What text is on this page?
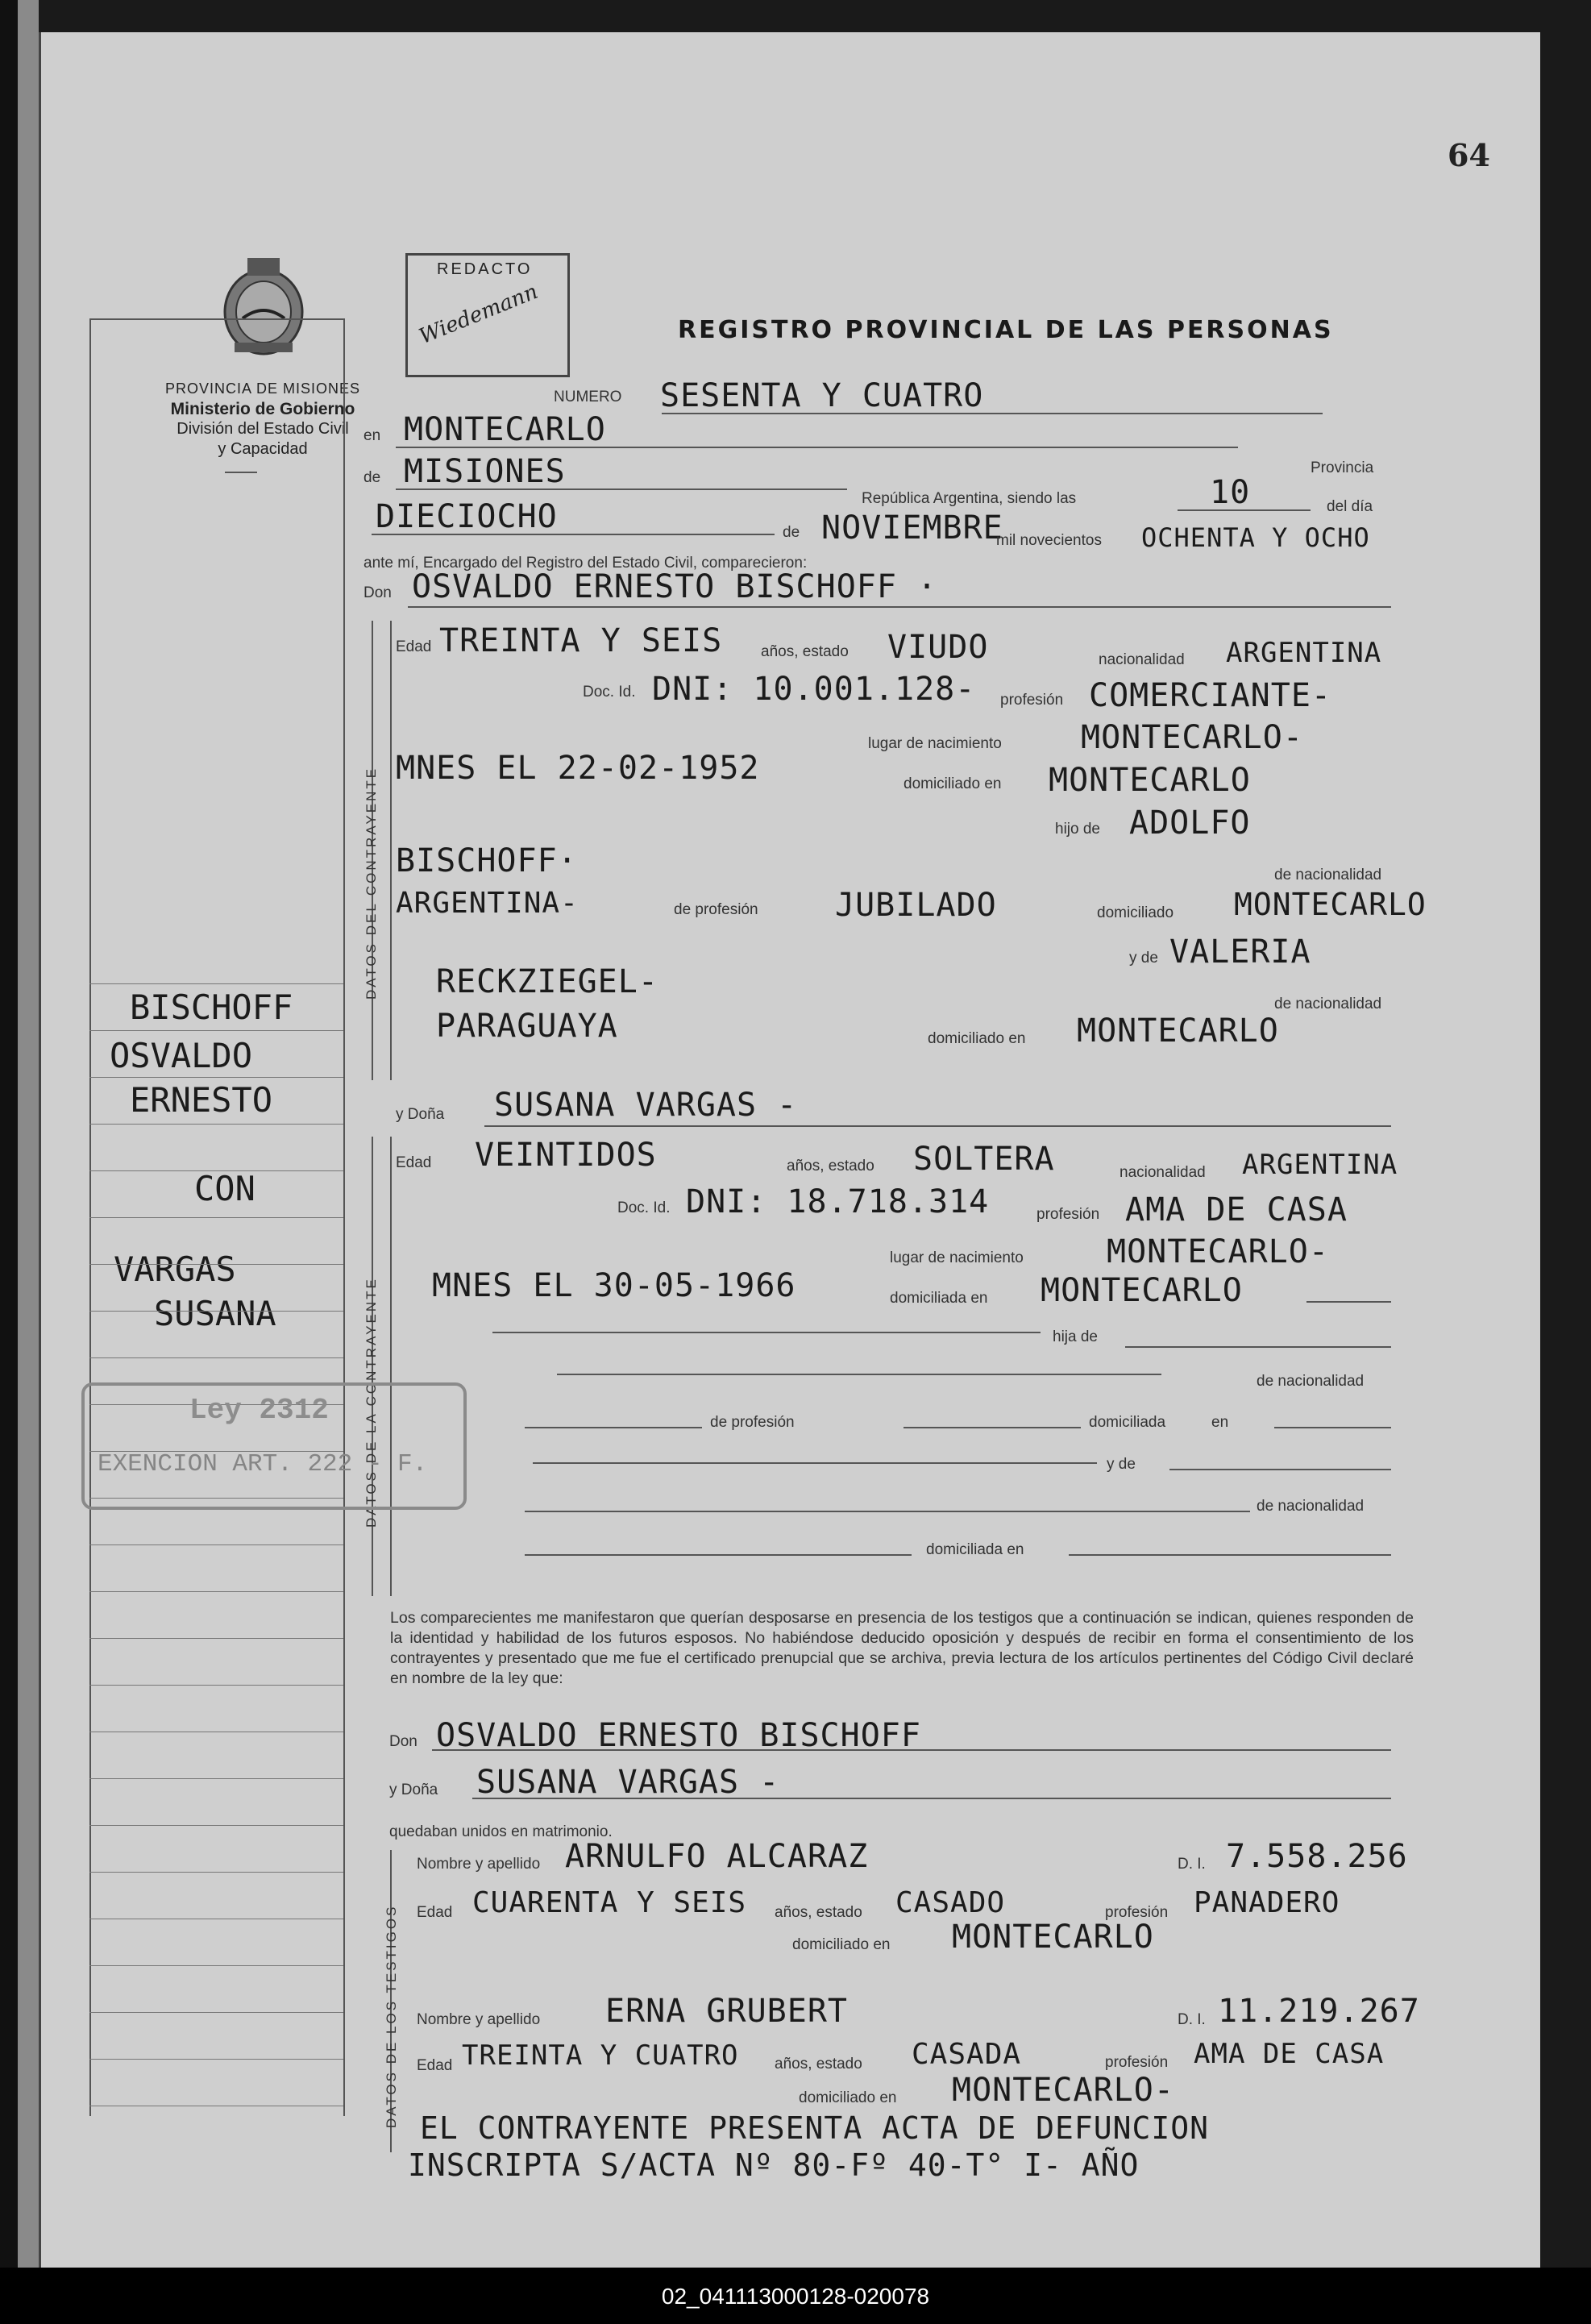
64
PROVINCIA DE MISIONES
Ministerio de Gobierno
División del Estado Civil
y Capacidad
REDACTO
Wiedemann	REGISTRO PROVINCIAL DE LAS PERSONAS
NUMERO SESENTA Y CUATRO
en MONTECARLO
Provincia
de MISIONES
República Argentina, siendo las	10	del día
DIECIOCHO	de NOVIEMBRE
mil novecientos OCHENTA Y OCHO
ante mí, Encargado del Registro del Estado Civil, comparecieron:
Don OSVALDO ERNESTO BISCHOFF ·
DATOS DEL CONTRAYENTE
Edad TREINTA Y SEIS	años, estado VIUDO	nacionalidad ARGENTINA
Doc. Id. DNI: 10.001.128- profesión COMERCIANTE-
lugar de nacimiento MONTECARLO-
MNES EL 22-02-1952	domiciliado en MONTECARLO
hijo de ADOLFO
BISCHOFF·	de nacionalidad
ARGENTINA-	de profesión JUBILADO	domiciliado MONTECARLO
y de VALERIA
RECKZIEGEL-
de nacionalidad
PARAGUAYA	domiciliado en MONTECARLO
y Doña SUSANA VARGAS -
DATOS DE LA CONTRAYENTE
Edad VEINTIDOS	años, estado SOLTERA	nacionalidad ARGENTINA
Doc. Id. DNI: 18.718.314	profesión AMA DE CASA
lugar de nacimiento	MONTECARLO-
MNES EL 30-05-1966	domiciliada en MONTECARLO
hija de
de nacionalidad
de profesión	domiciliada	en
y de
de nacionalidad
domiciliada en
Los comparecientes me manifestaron que querían desposarse en presencia de los testigos que a continuación se indican, quienes responden de la identidad y habilidad de los futuros esposos. No habiéndose deducido oposición y después de recibir en forma el consentimiento de los contrayentes y presentado que me fue el certificado prenupcial que se archiva, previa lectura de los artículos pertinentes del Código Civil declaré en nombre de la ley que:
Don OSVALDO ERNESTO BISCHOFF
y Doña SUSANA VARGAS -
quedaban unidos en matrimonio.
DATOS DE LOS TESTIGOS
Nombre y apellido ARNULFO ALCARAZ	D. I. 7.558.256
Edad CUARENTA Y SEIS años, estado CASADO	profesión PANADERO
domiciliado en MONTECARLO
Nombre y apellido ERNA GRUBERT	D. I. 11.219.267
Edad TREINTA Y CUATRO años, estado CASADA	profesión AMA DE CASA
domiciliado en MONTECARLO-
EL CONTRAYENTE PRESENTA ACTA DE DEFUNCION
INSCRIPTA S/ACTA Nº 80-Fº 40-T° I- AÑO
BISCHOFF
OSVALDO
ERNESTO
CON
VARGAS
SUSANA
Ley 2312
EXENCION ART. 222 - F.
02_041113000128-020078
